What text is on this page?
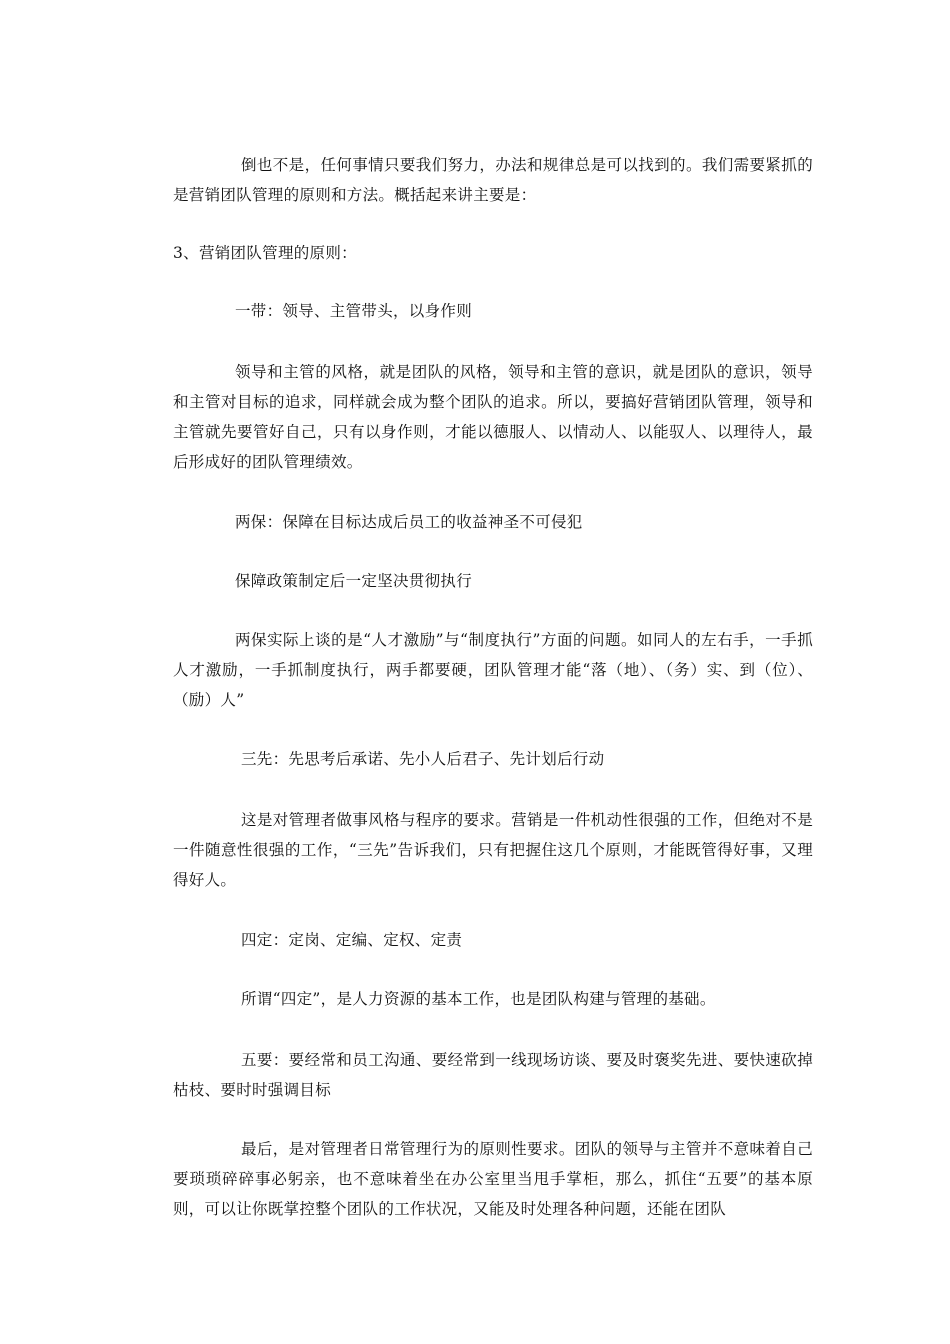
倒也不是，任何事情只要我们努力，办法和规律总是可以找到的。我们需要紧抓的是营销团队管理的原则和方法。概括起来讲主要是：

3、营销团队管理的原则：

一带：领导、主管带头，以身作则

领导和主管的风格，就是团队的风格，领导和主管的意识，就是团队的意识，领导和主管对目标的追求，同样就会成为整个团队的追求。所以，要搞好营销团队管理，领导和主管就先要管好自己，只有以身作则，才能以德服人、以情动人、以能驭人、以理待人，最后形成好的团队管理绩效。

两保：保障在目标达成后员工的收益神圣不可侵犯

保障政策制定后一定坚决贯彻执行

两保实际上谈的是“人才激励”与“制度执行”方面的问题。如同人的左右手，一手抓人才激励，一手抓制度执行，两手都要硬，团队管理才能“落（地）、（务）实、到（位）、（励）人”

三先：先思考后承诺、先小人后君子、先计划后行动

这是对管理者做事风格与程序的要求。营销是一件机动性很强的工作，但绝对不是一件随意性很强的工作，“三先”告诉我们，只有把握住这几个原则，才能既管得好事，又理得好人。

四定：定岗、定编、定权、定责

所谓“四定”，是人力资源的基本工作，也是团队构建与管理的基础。

五要：要经常和员工沟通、要经常到一线现场访谈、要及时褒奖先进、要快速砍掉枯枝、要时时强调目标

最后，是对管理者日常管理行为的原则性要求。团队的领导与主管并不意味着自己要琐琐碎碎事必躬亲，也不意味着坐在办公室里当甩手掌柜，那么，抓住“五要”的基本原则，可以让你既掌控整个团队的工作状况，又能及时处理各种问题，还能在团队
